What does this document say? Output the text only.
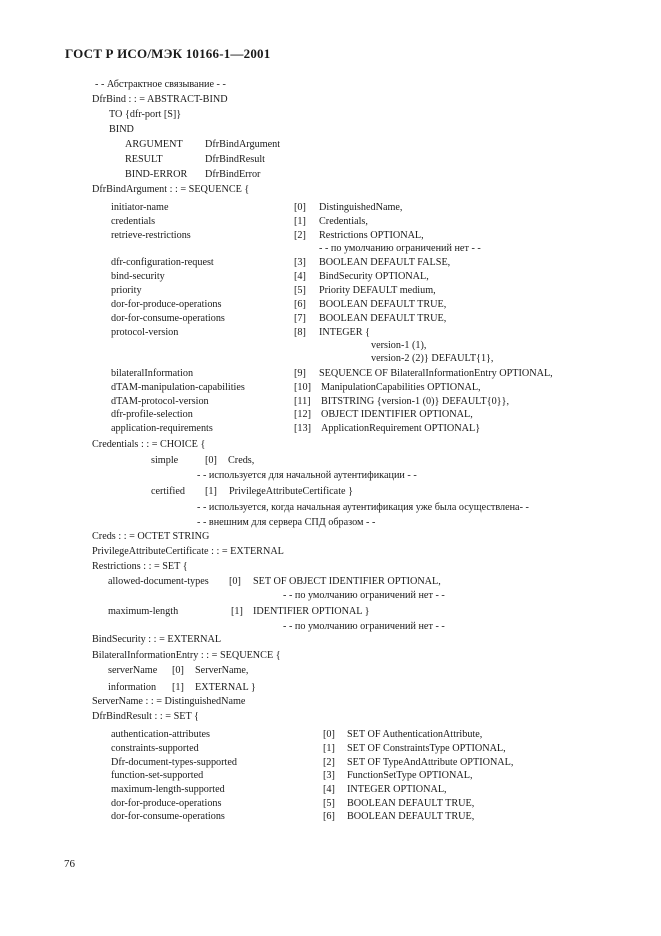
ГОСТ Р ИСО/МЭК 10166-1—2001
- - Абстрактное связывание - -
DfrBind : : = ABSTRACT-BIND
TO {dfr-port [S]}
BIND
ARGUMENT DfrBindArgument
RESULT	DfrBindResult
BIND-ERROR DfrBindError
DfrBindArgument : : = SEQUENCE {
initiator-name	[0] DistinguishedName,
credentials	[1] Credentials,
retrieve-restrictions	[2] Restrictions OPTIONAL,
- - по умолчанию ограничений нет - -
dfr-configuration-request	[3] BOOLEAN DEFAULT FALSE,
bind-security	[4] BindSecurity OPTIONAL,
priority	[5] Priority DEFAULT medium,
dor-for-produce-operations	[6] BOOLEAN DEFAULT TRUE,
dor-for-consume-operations	[7] BOOLEAN DEFAULT TRUE,
protocol-version	[8] INTEGER {
version-1 (1),
version-2 (2)} DEFAULT{1},
bilateralInformation	[9] SEQUENCE OF BilateralInformationEntry OPTIONAL,
dTAM-manipulation-capabilities	[10] ManipulationCapabilities OPTIONAL,
dTAM-protocol-version	[11] BITSTRING {version-1 (0)} DEFAULT{0}},
dfr-profile-selection	[12] OBJECT IDENTIFIER OPTIONAL,
application-requirements	[13] ApplicationRequirement OPTIONAL}
Credentials : : = CHOICE {
simple	[0] Creds,
- - используется для начальной аутентификации - -
certified [1] PrivilegeAttributeCertificate }
- - используется, когда начальная аутентификация уже была осуществлена- -
- - внешним для сервера СПД образом - -
Creds : : = OCTET STRING
PrivilegeAttributeCertificate : : = EXTERNAL
Restrictions : : = SET {
allowed-document-types [0] SET OF OBJECT IDENTIFIER OPTIONAL,
- - по умолчанию ограничений нет - -
maximum-length	[1] IDENTIFIER OPTIONAL }
- - по умолчанию ограничений нет - -
BindSecurity : : = EXTERNAL
BilateralInformationEntry : : = SEQUENCE {
serverName [0] ServerName,
information [1] EXTERNAL }
ServerName : : = DistinguishedName
DfrBindResult : : = SET {
authentication-attributes	[0] SET OF AuthenticationAttribute,
constraints-supported	[1] SET OF ConstraintsType OPTIONAL,
Dfr-document-types-supported	[2] SET OF TypeAndAttribute OPTIONAL,
function-set-supported	[3] FunctionSetType OPTIONAL,
maximum-length-supported	[4] INTEGER OPTIONAL,
dor-for-produce-operations	[5] BOOLEAN DEFAULT TRUE,
dor-for-consume-operations	[6] BOOLEAN DEFAULT TRUE,
76
